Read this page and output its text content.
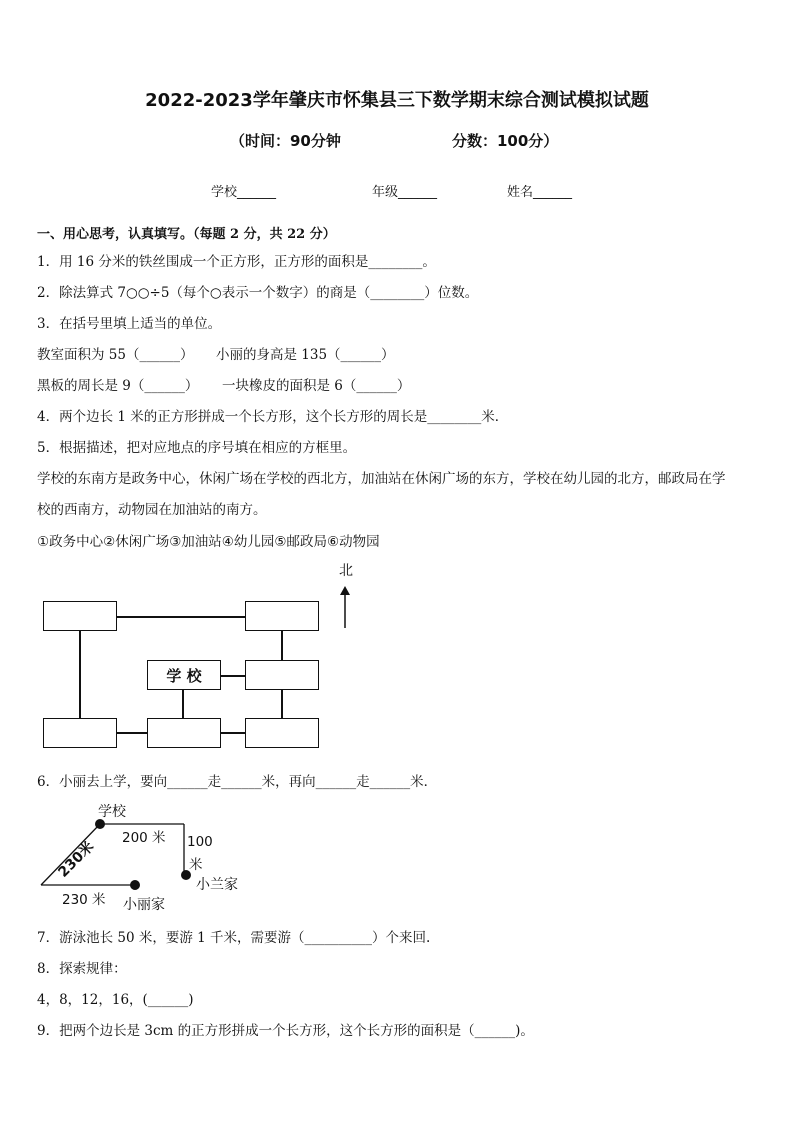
2022-2023学年肇庆市怀集县三下数学期末综合测试模拟试题
（时间：90分钟	分数：100分）
学校______	年级______	姓名______
一、用心思考，认真填写。（每题 2 分，共 22 分）
1．用 16 分米的铁丝围成一个正方形，正方形的面积是________。
2．除法算式 7○○÷5（每个○表示一个数字）的商是（________）位数。
3．在括号里填上适当的单位。
教室面积为 55（______） 小丽的身高是 135（______）
黑板的周长是 9（______） 一块橡皮的面积是 6（______）
4．两个边长 1 米的正方形拼成一个长方形，这个长方形的周长是________米．
5．根据描述，把对应地点的序号填在相应的方框里。
学校的东南方是政务中心，休闲广场在学校的西北方，加油站在休闲广场的东方，学校在幼儿园的北方，邮政局在学
校的西南方，动物园在加油站的南方。
①政务中心②休闲广场③加油站④幼儿园⑤邮政局⑥动物园
北
学 校
6．小丽去上学，要向______走______米，再向______走______米．
学校
200 米 100
米
230米
小兰家
230 米 小丽家
7．游泳池长 50 米，要游 1 千米，需要游（__________）个来回.
8．探索规律：
4，8，12，16，(______)
9．把两个边长是 3cm 的正方形拼成一个长方形，这个长方形的面积是（______)。
